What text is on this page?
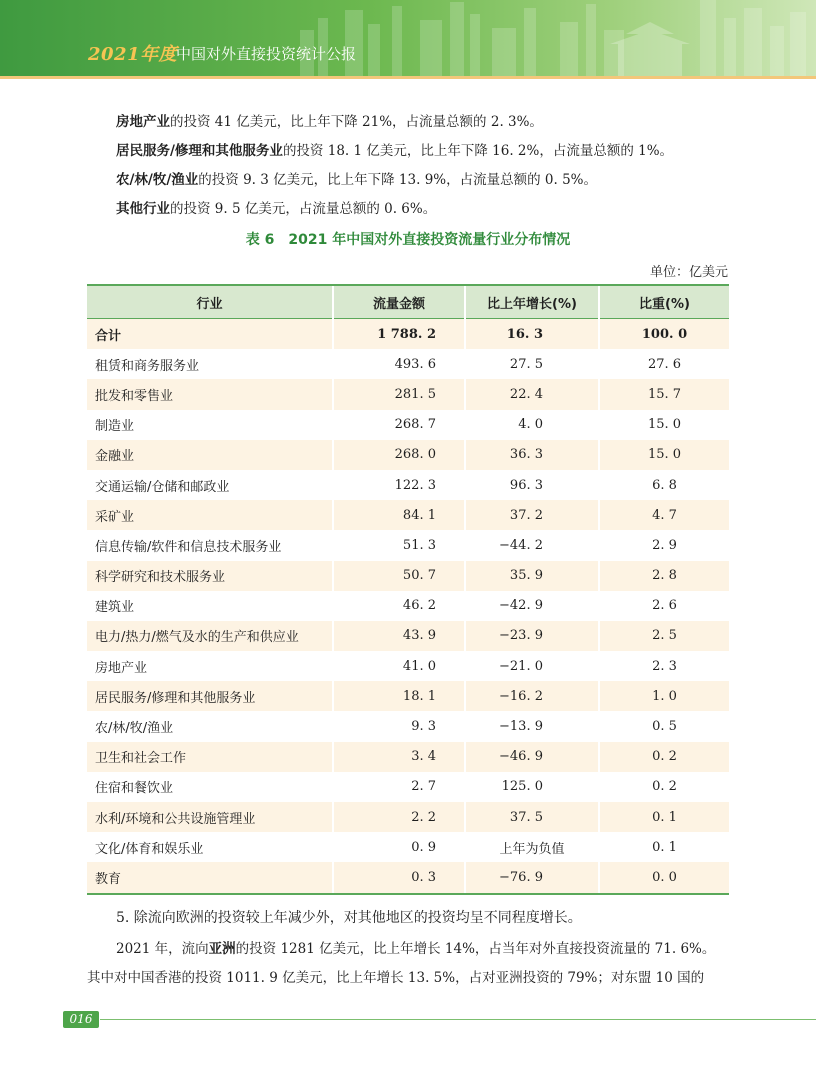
2021年度
中国对外直接投资统计公报
房地产业的投资 41 亿美元，比上年下降 21%，占流量总额的 2. 3%。
居民服务/修理和其他服务业的投资 18. 1 亿美元，比上年下降 16. 2%，占流量总额的 1%。
农/林/牧/渔业的投资 9. 3 亿美元，比上年下降 13. 9%，占流量总额的 0. 5%。
其他行业的投资 9. 5 亿美元，占流量总额的 0. 6%。
表 6　2021 年中国对外直接投资流量行业分布情况
单位：亿美元
行业	流量金额	比上年增长(%)	比重(%)
合计	1 788. 2	16. 3	100. 0
租赁和商务服务业	493. 6	27. 5	27. 6
批发和零售业	281. 5	22. 4	15. 7
制造业	268. 7	4. 0	15. 0
金融业	268. 0	36. 3	15. 0
交通运输/仓储和邮政业	122. 3	96. 3	6. 8
采矿业	84. 1	37. 2	4. 7
信息传输/软件和信息技术服务业	51. 3	−44. 2	2. 9
科学研究和技术服务业	50. 7	35. 9	2. 8
建筑业	46. 2	−42. 9	2. 6
电力/热力/燃气及水的生产和供应业	43. 9	−23. 9	2. 5
房地产业	41. 0	−21. 0	2. 3
居民服务/修理和其他服务业	18. 1	−16. 2	1. 0
农/林/牧/渔业	9. 3	−13. 9	0. 5
卫生和社会工作	3. 4	−46. 9	0. 2
住宿和餐饮业	2. 7	125. 0	0. 2
水利/环境和公共设施管理业	2. 2	37. 5	0. 1
文化/体育和娱乐业	0. 9	上年为负值	0. 1
教育	0. 3	−76. 9	0. 0
5. 除流向欧洲的投资较上年减少外，对其他地区的投资均呈不同程度增长。
2021 年，流向亚洲的投资 1281 亿美元，比上年增长 14%，占当年对外直接投资流量的 71. 6%。
其中对中国香港的投资 1011. 9 亿美元，比上年增长 13. 5%，占对亚洲投资的 79%；对东盟 10 国的
016
